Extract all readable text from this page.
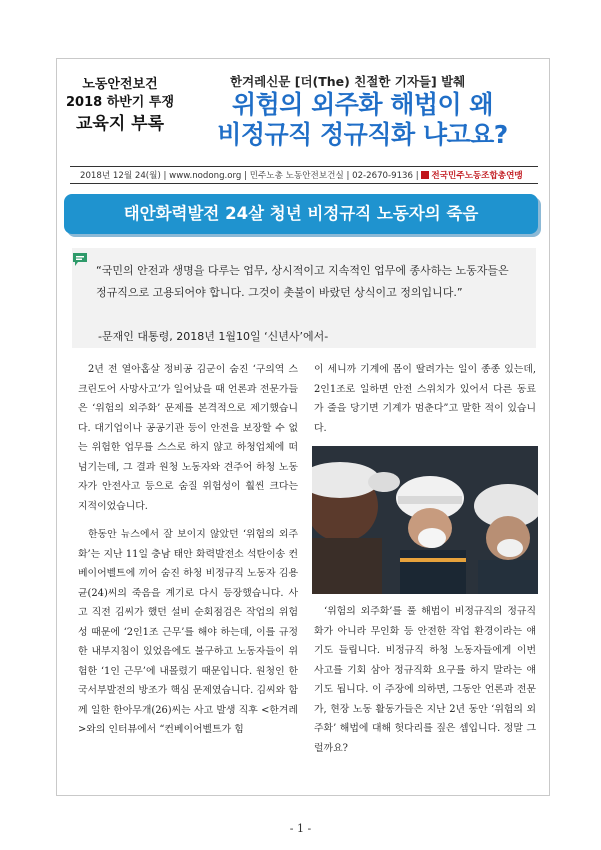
노동안전보건
2018 하반기 투쟁
교육지 부록
한겨레신문 [더(The) 친절한 기자들] 발췌
위험의 외주화 해법이 왜
비정규직 정규직화 냐고요?
2018년 12월 24(월) | www.nodong.org | 민주노총 노동안전보건실 | 02-2670-9136 | 전국민주노동조합총연맹
태안화력발전 24살 청년 비정규직 노동자의 죽음
“국민의 안전과 생명을 다루는 업무, 상시적이고 지속적인 업무에 종사하는 노동자들은
정규직으로 고용되어야 합니다. 그것이 촛불이 바랐던 상식이고 정의입니다.”
-문재인 대통령, 2018년 1월10일 ‘신년사’에서-

2년 전 열아홉살 정비공 김군이 숨진 ‘구의역 스크린도어 사망사고’가 일어났을 때 언론과 전문가들은 ‘위험의 외주화’ 문제를 본격적으로 제기했습니다. 대기업이나 공공기관 등이 안전을 보장할 수 없는 위험한 업무를 스스로 하지 않고 하청업체에 떠넘기는데, 그 결과 원청 노동자와 견주어 하청 노동자가 안전사고 등으로 숨질 위험성이 훨씬 크다는 지적이었습니다.

한동안 뉴스에서 잘 보이지 않았던 ‘위험의 외주화’는 지난 11일 충남 태안 화력발전소 석탄이송 컨베이어벨트에 끼어 숨진 하청 비정규직 노동자 김용균(24)씨의 죽음을 계기로 다시 등장했습니다. 사고 직전 김씨가 했던 설비 순회점검은 작업의 위험성 때문에 ‘2인1조 근무’를 해야 하는데, 이를 규정한 내부지침이 있었음에도 불구하고 노동자들이 위험한 ‘1인 근무’에 내몰렸기 때문입니다. 원청인 한국서부발전의 방조가 핵심 문제였습니다. 김씨와 함께 일한 한아무개(26)씨는 사고 발생 직후 <한겨레>와의 인터뷰에서 “컨베이어벨트가 힘

이 세니까 기계에 몸이 딸려가는 일이 종종 있는데, 2인1조로 일하면 안전 스위치가 있어서 다른 동료가 줄을 당기면 기계가 멈춘다”고 말한 적이 있습니다.

‘위험의 외주화’를 풀 해법이 비정규직의 정규직화가 아니라 무인화 등 안전한 작업 환경이라는 얘기도 들립니다. 비정규직 하청 노동자들에게 이번 사고를 기회 삼아 정규직화 요구를 하지 말라는 얘기도 됩니다. 이 주장에 의하면, 그동안 언론과 전문가, 현장 노동 활동가들은 지난 2년 동안 ‘위험의 외주화’ 해법에 대해 헛다리를 짚은 셈입니다. 정말 그럴까요?

- 1 -
